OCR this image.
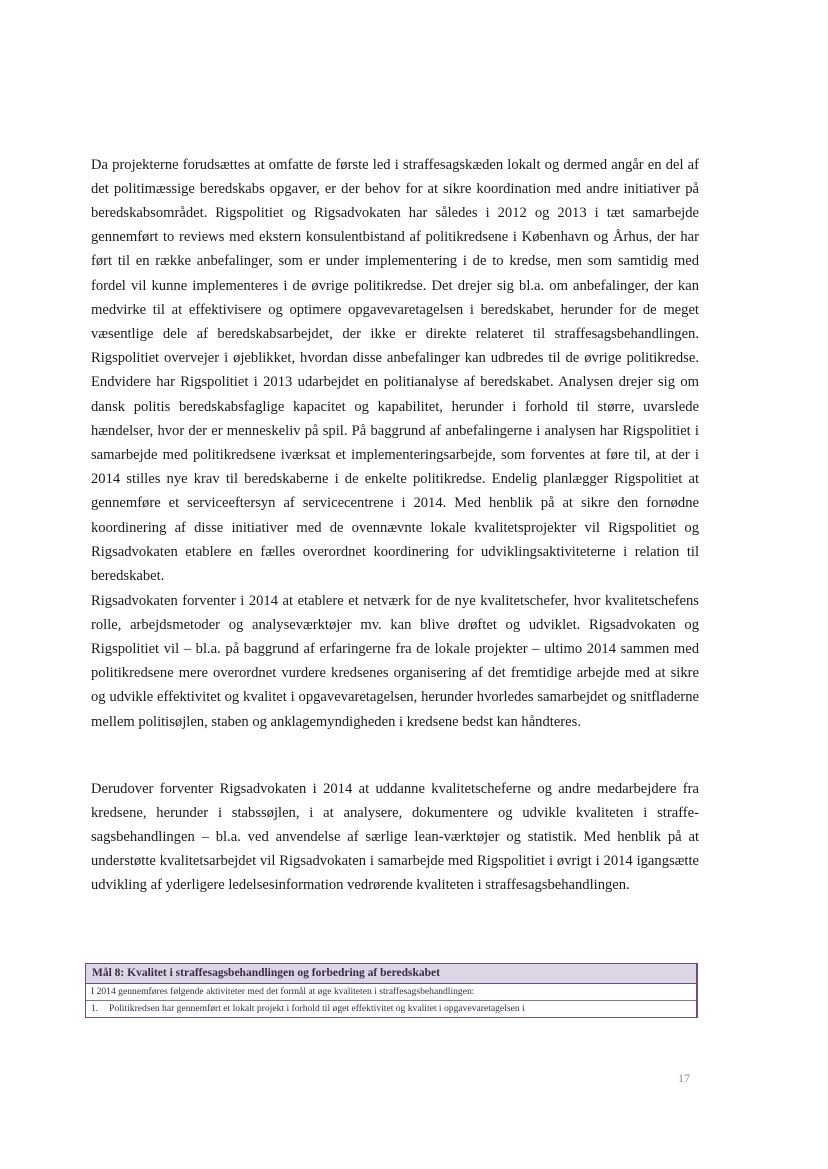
Da projekterne forudsættes at omfatte de første led i straffesagskæden lokalt og dermed angår en del af det politimæssige beredskabs opgaver, er der behov for at sikre koordination med andre initiativer på beredskabsområdet. Rigspolitiet og Rigsadvokaten har således i 2012 og 2013 i tæt samarbejde gennemført to reviews med ekstern konsulentbistand af politikredsene i København og Århus, der har ført til en række anbefalinger, som er under implementering i de to kredse, men som samtidig med fordel vil kunne implementeres i de øvrige politikredse. Det drejer sig bl.a. om anbefalinger, der kan medvirke til at effektivisere og optimere opgavevaretagelsen i beredskabet, herunder for de meget væsentlige dele af beredskabsarbejdet, der ikke er direkte relateret til straffesagsbehandlingen. Rigspolitiet overvejer i øjeblikket, hvordan disse anbefalinger kan udbredes til de øvrige politikredse. Endvidere har Rigspolitiet i 2013 udarbejdet en politianalyse af beredskabet. Analysen drejer sig om dansk politis beredskabsfaglige kapacitet og kapabilitet, herunder i forhold til større, uvarslede hændelser, hvor der er menneskeliv på spil. På baggrund af anbefalingerne i analysen har Rigspolitiet i samarbejde med politikredsene iværksat et implementeringsarbejde, som forventes at føre til, at der i 2014 stilles nye krav til beredskaberne i de enkelte politikredse. Endelig planlægger Rigspolitiet at gennemføre et serviceeftersyn af servicecentrene i 2014. Med henblik på at sikre den fornødne koordinering af disse initiativer med de ovennævnte lokale kvalitetsprojekter vil Rigspolitiet og Rigsadvokaten etablere en fælles overordnet koordinering for udviklingsaktiviteterne i relation til beredskabet.

Rigsadvokaten forventer i 2014 at etablere et netværk for de nye kvalitetschefer, hvor kvalitetschefens rolle, arbejdsmetoder og analyseværktøjer mv. kan blive drøftet og udviklet. Rigsadvokaten og Rigspolitiet vil – bl.a. på baggrund af erfaringerne fra de lokale projekter – ultimo 2014 sammen med politikredsene mere overordnet vurdere kredsenes organisering af det fremtidige arbejde med at sikre og udvikle effektivitet og kvalitet i opgavevaretagelsen, herunder hvorledes samarbejdet og snitfladerne mellem politisøjlen, staben og anklagemyndigheden i kredsene bedst kan håndteres.

Derudover forventer Rigsadvokaten i 2014 at uddanne kvalitetscheferne og andre medarbejdere fra kredsene, herunder i stabssøjlen, i at analysere, dokumentere og udvikle kvaliteten i straffesagsbehandlingen – bl.a. ved anvendelse af særlige lean-værktøjer og statistik. Med henblik på at understøtte kvalitetsarbejdet vil Rigsadvokaten i samarbejde med Rigspolitiet i øvrigt i 2014 igangsætte udvikling af yderligere ledelsesinformation vedrørende kvaliteten i straffesagsbehandlingen.

Mål 8: Kvalitet i straffesagsbehandlingen og forbedring af beredskabet
I 2014 gennemføres følgende aktiviteter med det formål at øge kvaliteten i straffesagsbehandlingen:
1. Politikredsen har gennemført et lokalt projekt i forhold til øget effektivitet og kvalitet i opgavevaretagelsen i
17
